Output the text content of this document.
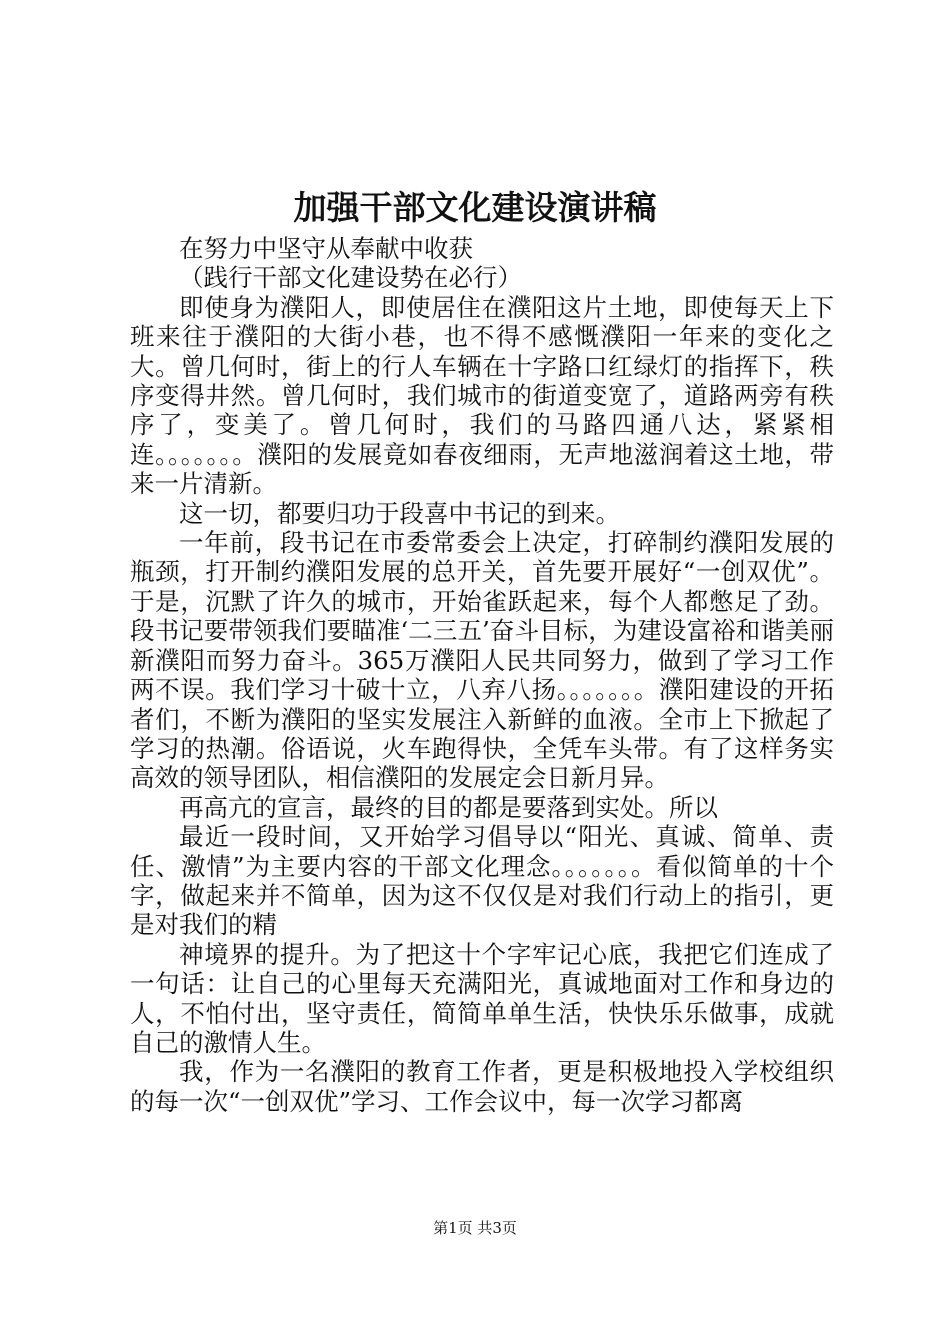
加强干部文化建设演讲稿

在努力中坚守从奉献中收获

（践行干部文化建设势在必行）

即使身为濮阳人，即使居住在濮阳这片土地，即使每天上下班来往于濮阳的大街小巷，也不得不感慨濮阳一年来的变化之大。曾几何时，街上的行人车辆在十字路口红绿灯的指挥下，秩序变得井然。曾几何时，我们城市的街道变宽了，道路两旁有秩序了，变美了。曾几何时，我们的马路四通八达，紧紧相连。。。。。。。濮阳的发展竟如春夜细雨，无声地滋润着这土地，带来一片清新。

这一切，都要归功于段喜中书记的到来。

一年前，段书记在市委常委会上决定，打碎制约濮阳发展的瓶颈，打开制约濮阳发展的总开关，首先要开展好“一创双优”。于是，沉默了许久的城市，开始雀跃起来，每个人都憋足了劲。段书记要带领我们要瞄准‘二三五’奋斗目标，为建设富裕和谐美丽新濮阳而努力奋斗。365万濮阳人民共同努力，做到了学习工作两不误。我们学习十破十立，八弃八扬。。。。。。。濮阳建设的开拓者们，不断为濮阳的坚实发展注入新鲜的血液。全市上下掀起了学习的热潮。俗语说，火车跑得快，全凭车头带。有了这样务实高效的领导团队，相信濮阳的发展定会日新月异。

再高亢的宣言，最终的目的都是要落到实处。所以

最近一段时间，又开始学习倡导以“阳光、真诚、简单、责任、激情”为主要内容的干部文化理念。。。。。。。看似简单的十个字，做起来并不简单，因为这不仅仅是对我们行动上的指引，更是对我们的精

神境界的提升。为了把这十个字牢记心底，我把它们连成了一句话：让自己的心里每天充满阳光，真诚地面对工作和身边的人，不怕付出，坚守责任，简简单单生活，快快乐乐做事，成就自己的激情人生。

我，作为一名濮阳的教育工作者，更是积极地投入学校组织的每一次“一创双优”学习、工作会议中，每一次学习都离

第1页 共3页
